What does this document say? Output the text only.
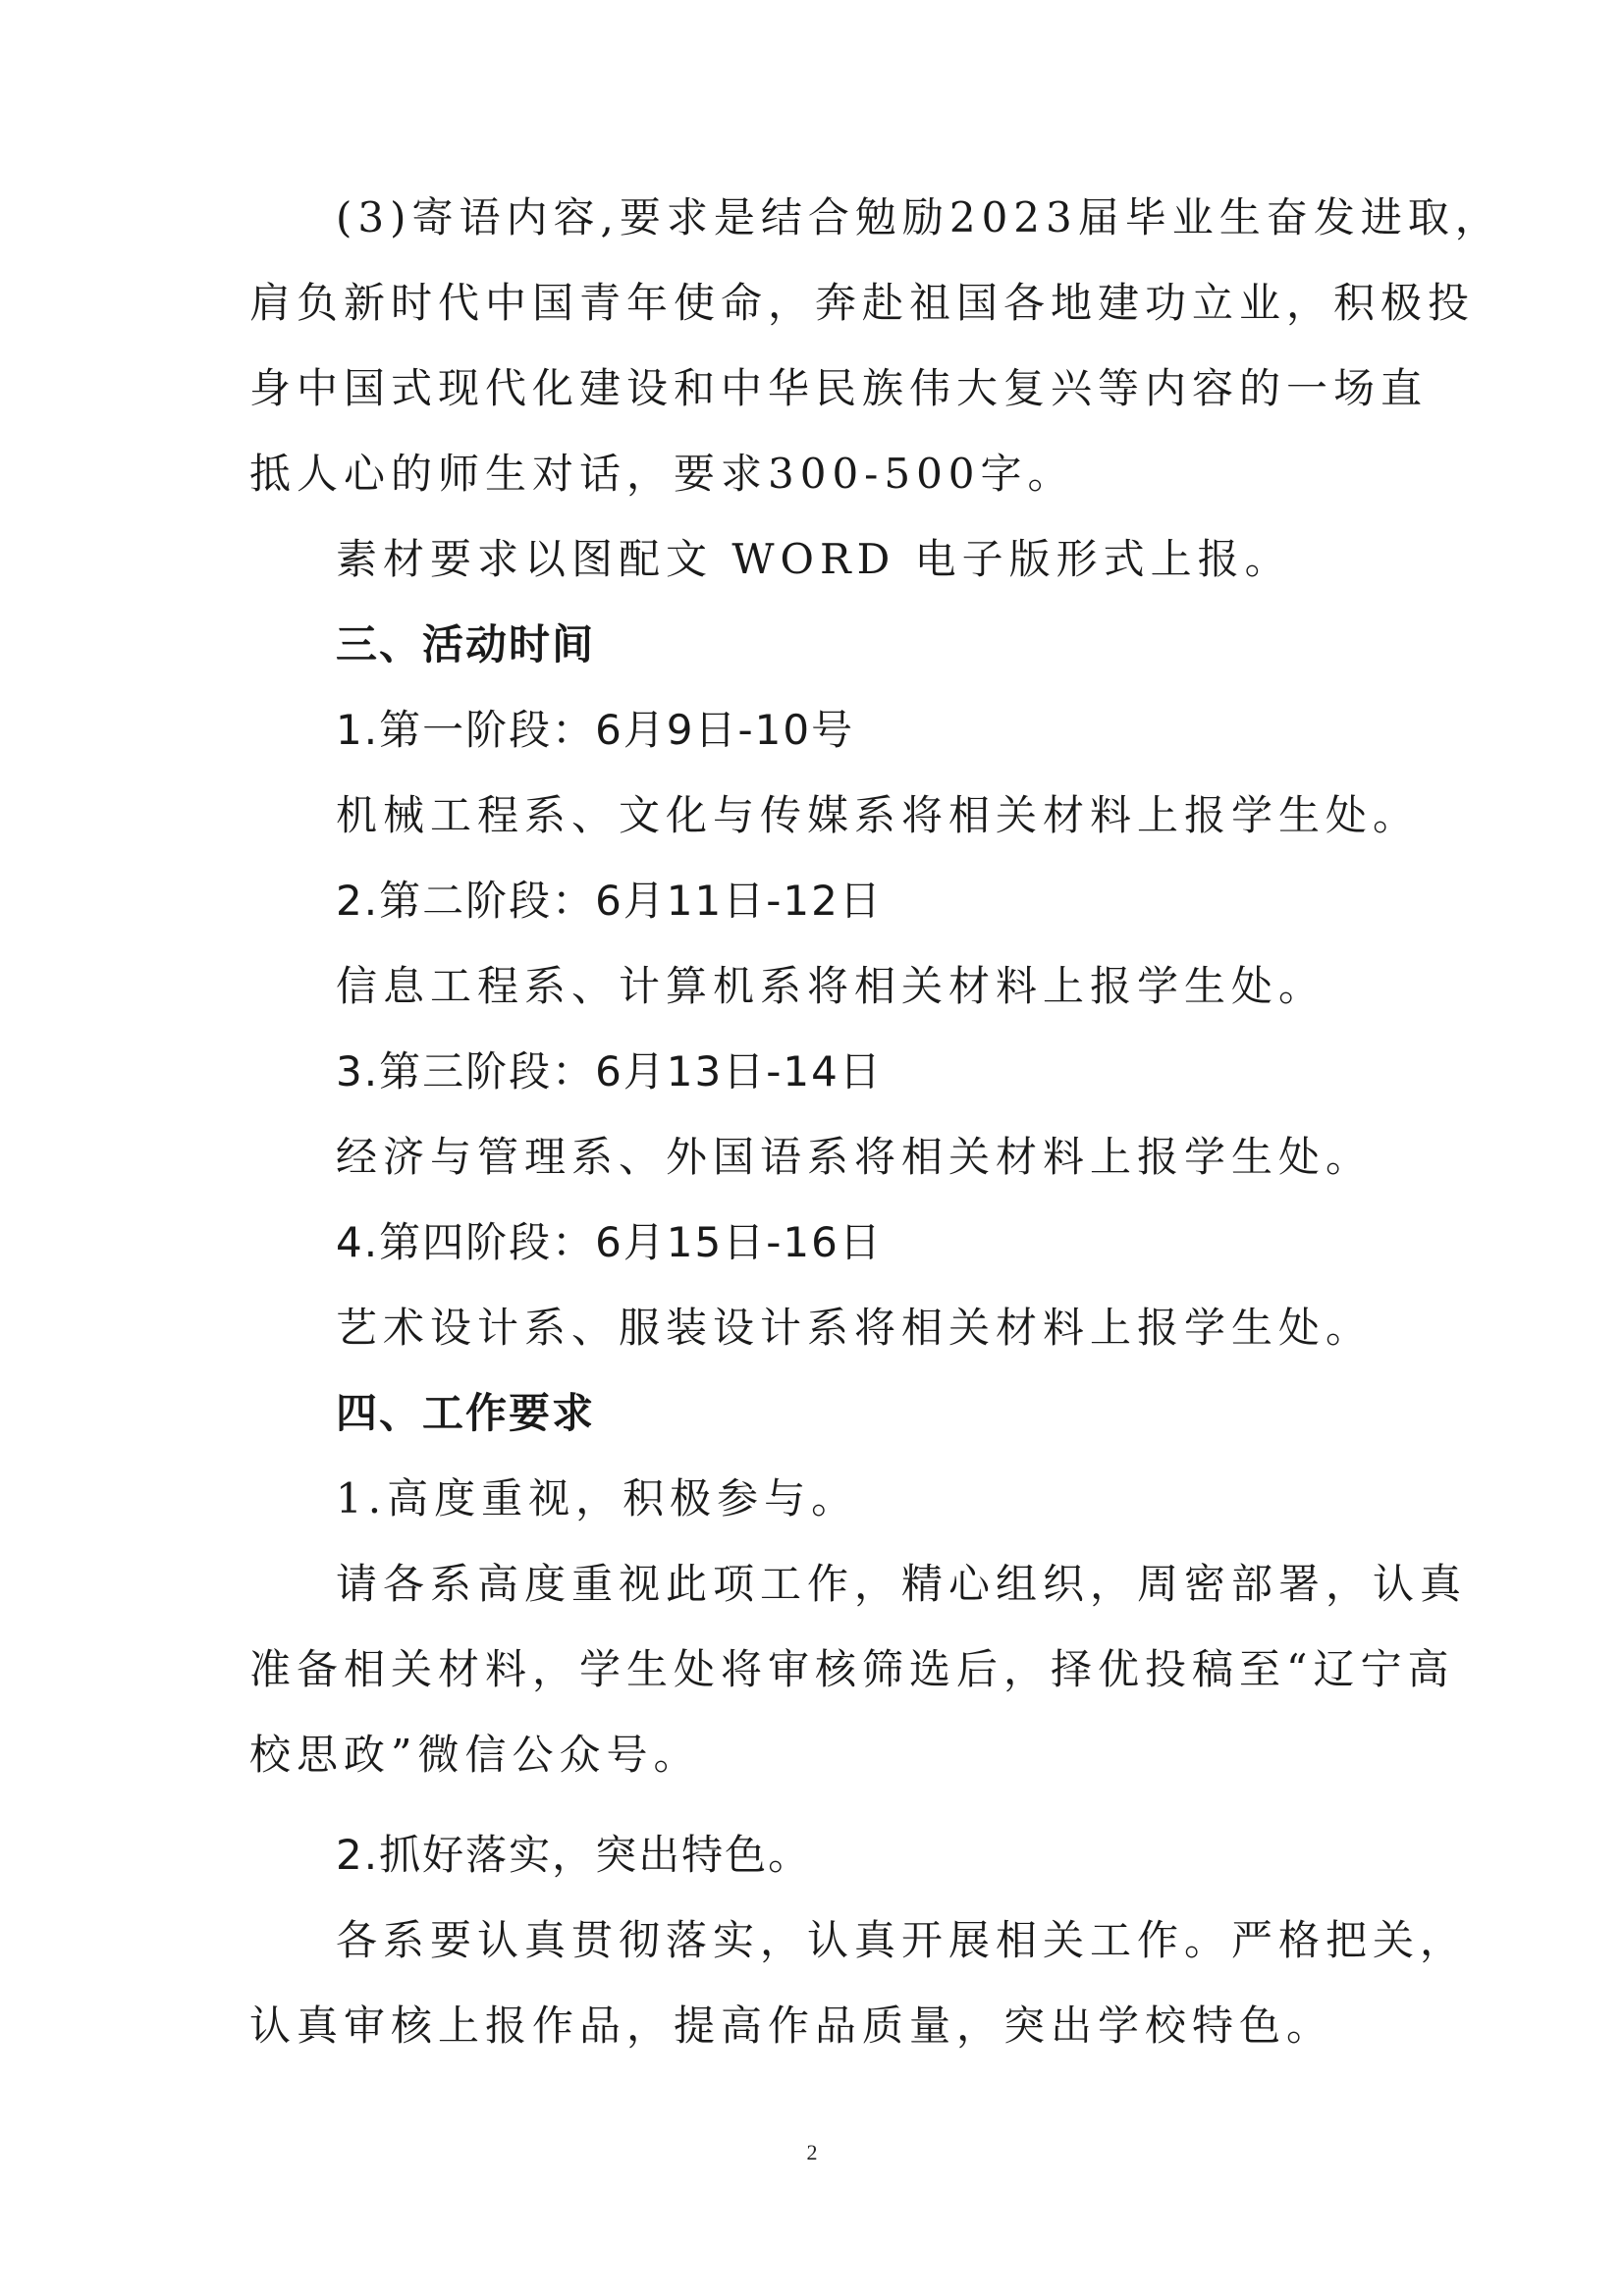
(3)寄语内容,要求是结合勉励2023届毕业生奋发进取，

肩负新时代中国青年使命，奔赴祖国各地建功立业，积极投

身中国式现代化建设和中华民族伟大复兴等内容的一场直

抵人心的师生对话，要求300-500字。

素材要求以图配文 WORD 电子版形式上报。

三、活动时间

1.第一阶段：6月9日-10号

机械工程系、文化与传媒系将相关材料上报学生处。

2.第二阶段：6月11日-12日

信息工程系、计算机系将相关材料上报学生处。

3.第三阶段：6月13日-14日

经济与管理系、外国语系将相关材料上报学生处。

4.第四阶段：6月15日-16日

艺术设计系、服装设计系将相关材料上报学生处。

四、工作要求

1.高度重视，积极参与。

请各系高度重视此项工作，精心组织，周密部署，认真

准备相关材料，学生处将审核筛选后，择优投稿至“辽宁高

校思政”微信公众号。

2.抓好落实，突出特色。

各系要认真贯彻落实，认真开展相关工作。严格把关，

认真审核上报作品，提高作品质量，突出学校特色。

2
